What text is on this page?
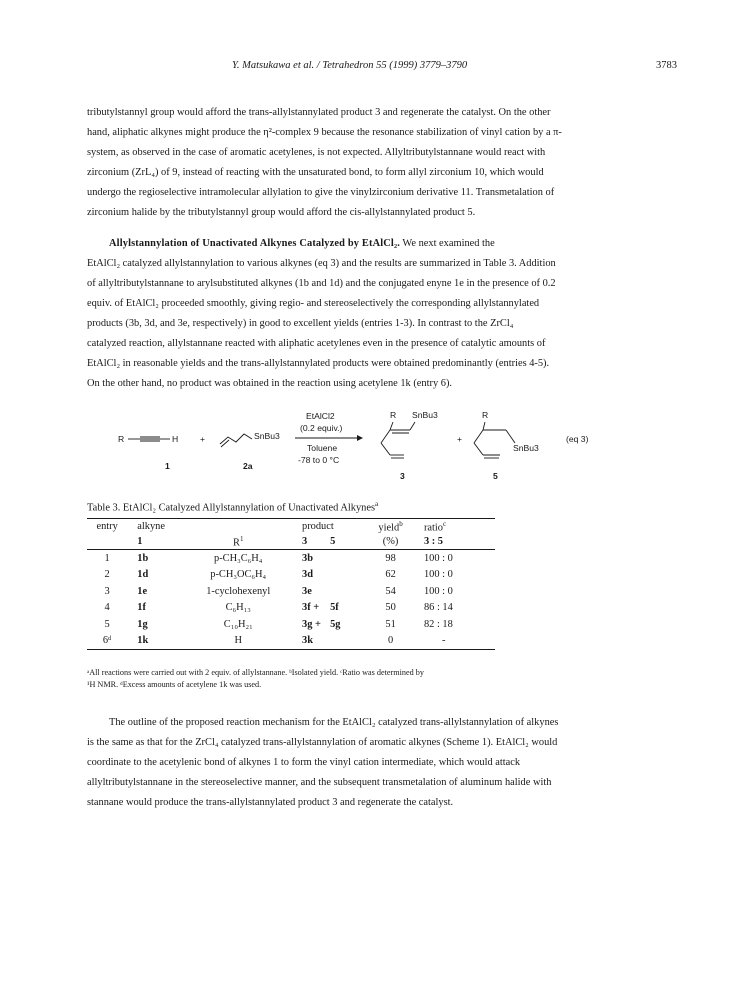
Y. Matsukawa et al. / Tetrahedron 55 (1999) 3779–3790	3783
tributylstannyl group would afford the trans-allylstannylated product 3 and regenerate the catalyst. On the other
hand, aliphatic alkynes might produce the η²-complex 9 because the resonance stabilization of vinyl cation by a π-
system, as observed in the case of aromatic acetylenes, is not expected. Allyltributylstannane would react with
zirconium (ZrL₄) of 9, instead of reacting with the unsaturated bond, to form allyl zirconium 10, which would
undergo the regioselective intramolecular allylation to give the vinylzirconium derivative 11. Transmetalation of
zirconium halide by the tributylstannyl group would afford the cis-allylstannylated product 5.
Allylstannylation of Unactivated Alkynes Catalyzed by EtAlCl₂. We next examined the
EtAlCl₂ catalyzed allylstannylation to various alkynes (eq 3) and the results are summarized in Table 3. Addition
of allyltributylstannane to arylsubstituted alkynes (1b and 1d) and the conjugated enyne 1e in the presence of 0.2
equiv. of EtAlCl₂ proceeded smoothly, giving regio- and stereoselectively the corresponding allylstannylated
products (3b, 3d, and 3e, respectively) in good to excellent yields (entries 1-3). In contrast to the ZrCl₄
catalyzed reaction, allylstannane reacted with aliphatic acetylenes even in the presence of catalytic amounts of
EtAlCl₂ in reasonable yields and the trans-allylstannylated products were obtained predominantly (entries 4-5).
On the other hand, no product was obtained in the reaction using acetylene 1k (entry 6).
R	H
1
+	SnBu3
2a
EtAlCl2
(0.2 equiv.)
Toluene
-78 to 0 °C
R SnBu3
3
+
R
SnBu3
5
(eq 3)
Table 3. EtAlCl₂ Catalyzed Allylstannylation of Unactivated Alkynes$^a$
entry	alkyne		product		yield$^b$	ratio$^c$
	1	$R^1$	3	5	(%)	3 : 5
1	1b	p-CH₃C₆H₄	3b		98	100 : 0
2	1d	p-CH₃OC₆H₄	3d		62	100 : 0
3	1e	1-cyclohexenyl	3e		54	100 : 0
4	1f	C₆H₁₃	3f +	5f	50	86 : 14
5	1g	C₁₀H₂₁	3g +	5g	51	82 : 18
6ᵈ	1k	H	3k		0	-
ᵃAll reactions were carried out with 2 equiv. of allylstannane. ᵇIsolated yield. ᶜRatio was determined by
¹H NMR. ᵈExcess amounts of acetylene 1k was used.
The outline of the proposed reaction mechanism for the EtAlCl₂ catalyzed trans-allylstannylation of alkynes
is the same as that for the ZrCl₄ catalyzed trans-allylstannylation of aromatic alkynes (Scheme 1). EtAlCl₂ would
coordinate to the acetylenic bond of alkynes 1 to form the vinyl cation intermediate, which would attack
allyltributylstannane in the stereoselective manner, and the subsequent transmetalation of aluminum halide with
stannane would produce the trans-allylstannylated product 3 and regenerate the catalyst.
